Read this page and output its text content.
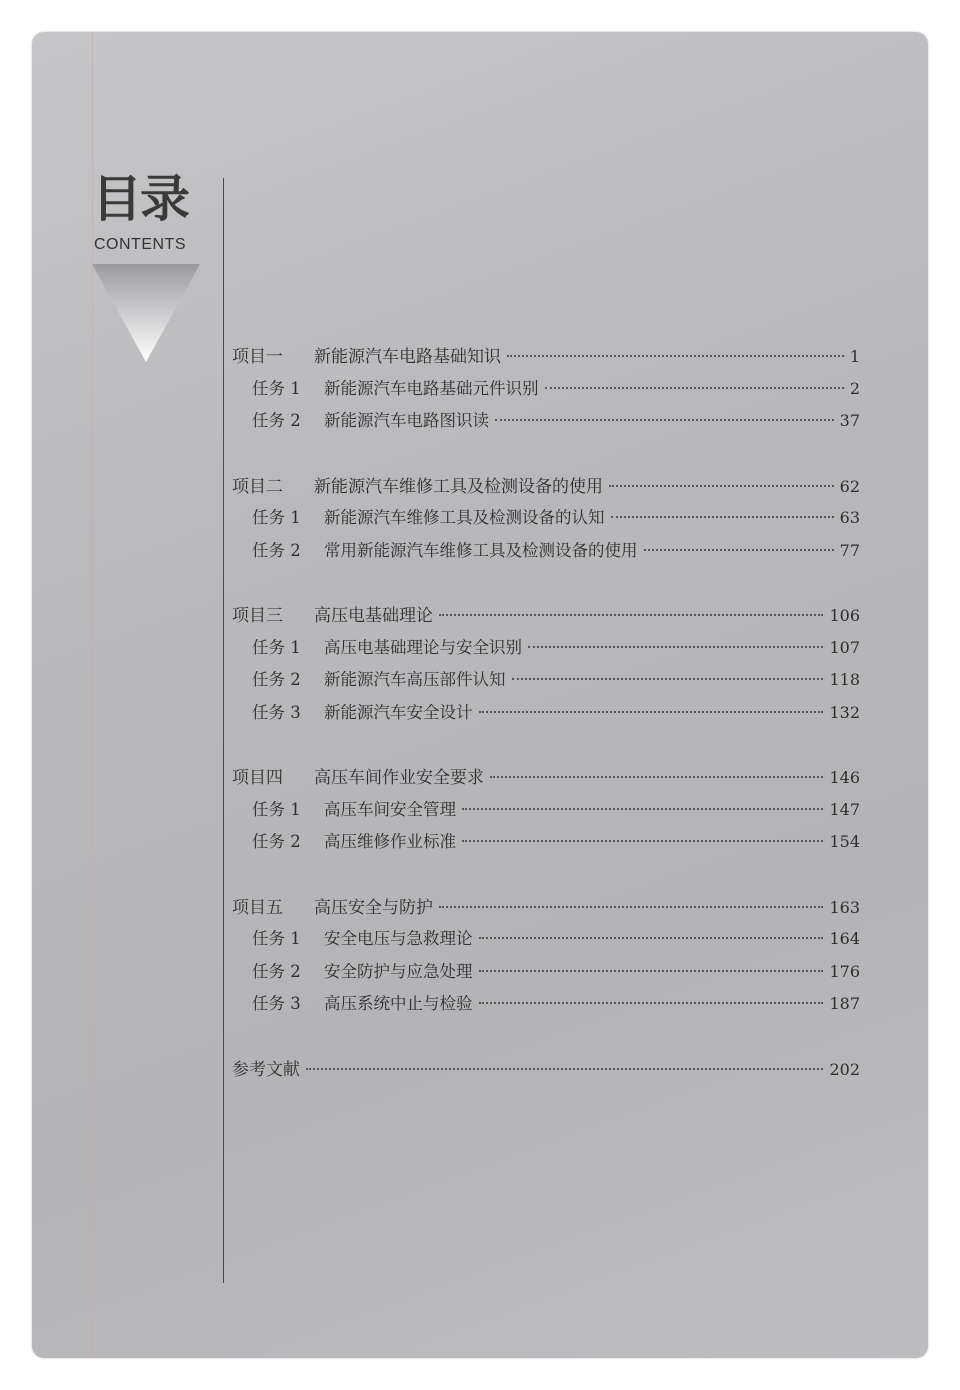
目录
CONTENTS
项目一	新能源汽车电路基础知识	1
任务 1	新能源汽车电路基础元件识别	2
任务 2	新能源汽车电路图识读	37
项目二	新能源汽车维修工具及检测设备的使用	62
任务 1	新能源汽车维修工具及检测设备的认知	63
任务 2	常用新能源汽车维修工具及检测设备的使用	77
项目三	高压电基础理论	106
任务 1	高压电基础理论与安全识别	107
任务 2	新能源汽车高压部件认知	118
任务 3	新能源汽车安全设计	132
项目四	高压车间作业安全要求	146
任务 1	高压车间安全管理	147
任务 2	高压维修作业标准	154
项目五	高压安全与防护	163
任务 1	安全电压与急救理论	164
任务 2	安全防护与应急处理	176
任务 3	高压系统中止与检验	187
参考文献	202
